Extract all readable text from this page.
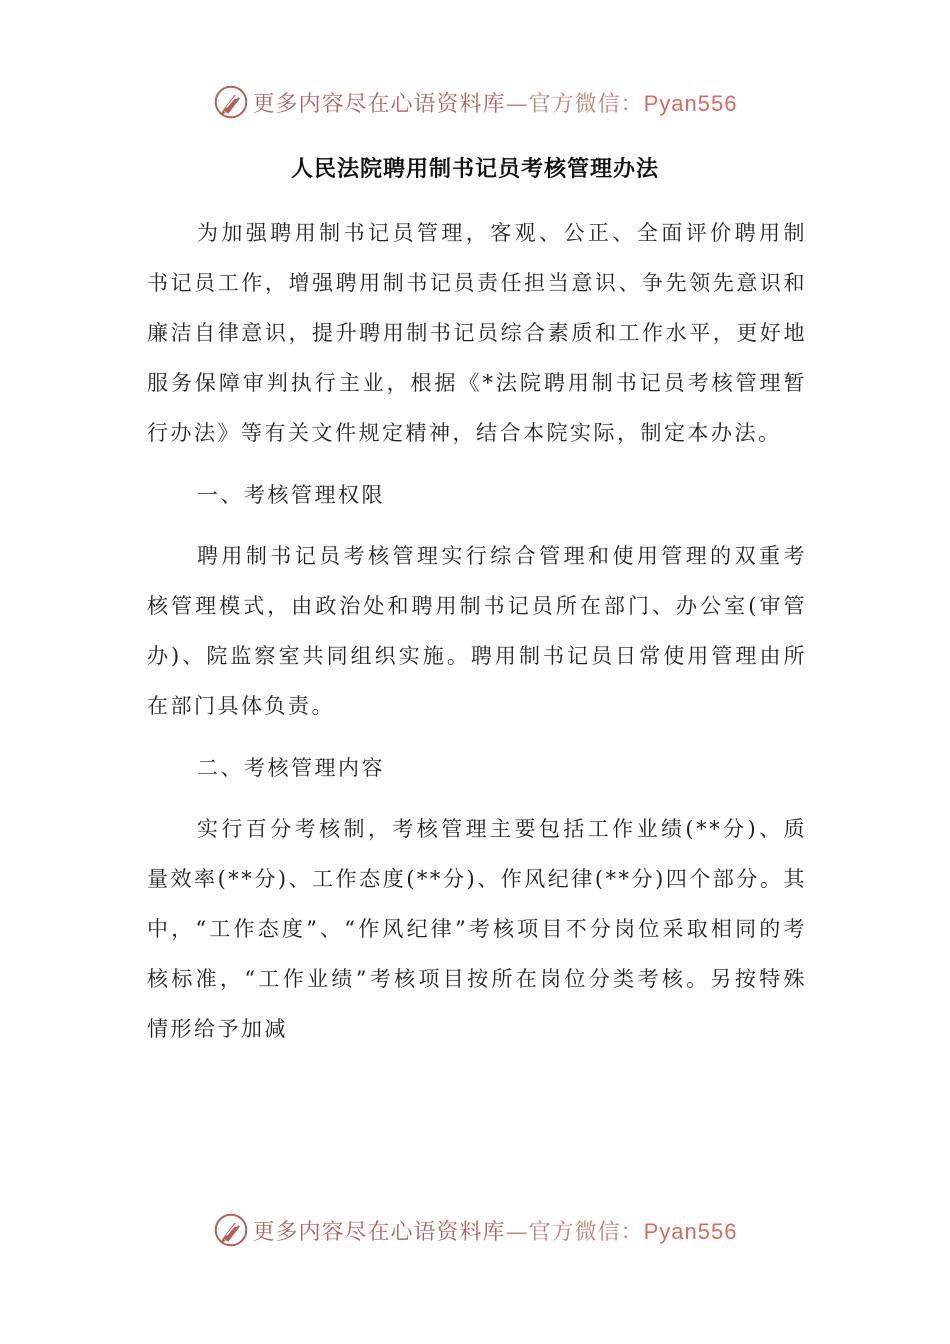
更多内容尽在心语资料库—官方微信：Pyan556
人民法院聘用制书记员考核管理办法

为加强聘用制书记员管理，客观、公正、全面评价聘用制书记员工作，增强聘用制书记员责任担当意识、争先领先意识和廉洁自律意识，提升聘用制书记员综合素质和工作水平，更好地服务保障审判执行主业，根据《*法院聘用制书记员考核管理暂行办法》等有关文件规定精神，结合本院实际，制定本办法。

一、考核管理权限

聘用制书记员考核管理实行综合管理和使用管理的双重考核管理模式，由政治处和聘用制书记员所在部门、办公室(审管办)、院监察室共同组织实施。聘用制书记员日常使用管理由所在部门具体负责。

二、考核管理内容

实行百分考核制，考核管理主要包括工作业绩(**分)、质量效率(**分)、工作态度(**分)、作风纪律(**分)四个部分。其中，“工作态度”、“作风纪律”考核项目不分岗位采取相同的考核标准，“工作业绩”考核项目按所在岗位分类考核。另按特殊情形给予加减

更多内容尽在心语资料库—官方微信：Pyan556
